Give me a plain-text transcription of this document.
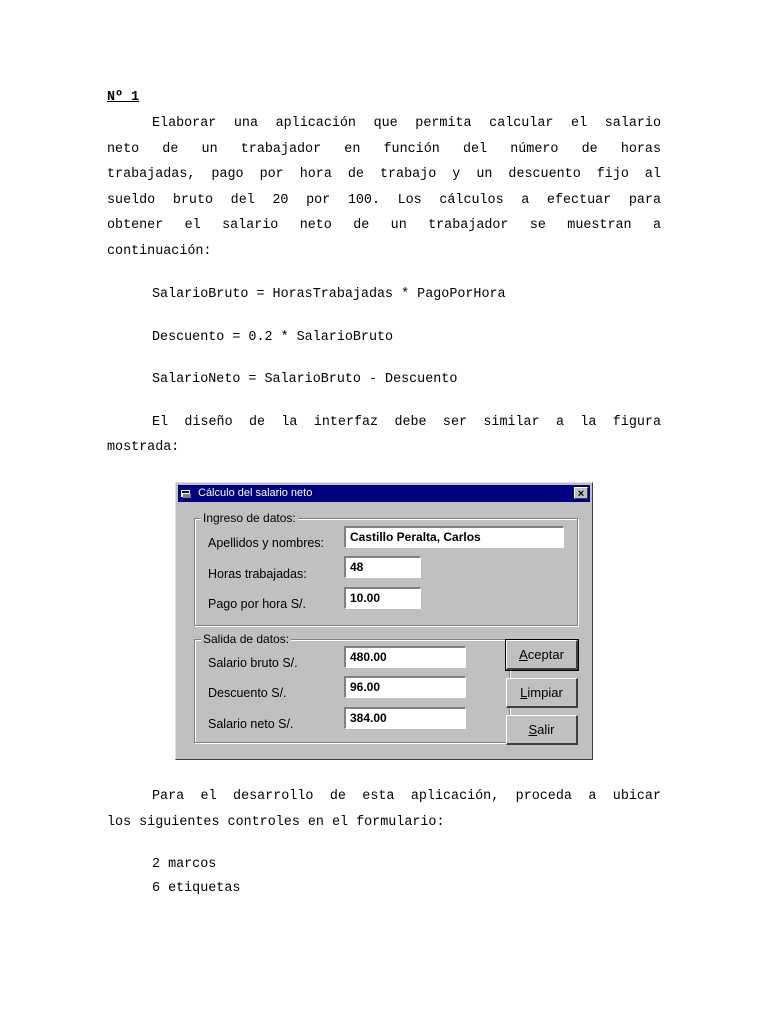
Nº 1
Elaborar una aplicación que permita calcular el salario
neto de un trabajador en función del número de horas
trabajadas, pago por hora de trabajo y un descuento fijo al
sueldo bruto del 20 por 100. Los cálculos a efectuar para
obtener el salario neto de un trabajador se muestran a
continuación:
SalarioBruto = HorasTrabajadas * PagoPorHora
Descuento = 0.2 * SalarioBruto
SalarioNeto = SalarioBruto - Descuento
El diseño de la interfaz debe ser similar a la figura
mostrada:
Cálculo del salario neto	×
Ingreso de datos:
Apellidos y nombres:	Castillo Peralta, Carlos
Horas trabajadas:	48
Pago por hora S/.	10.00
Salida de datos:
Salario bruto S/.	480.00
Descuento S/.	96.00
Salario neto S/.	384.00
Aceptar
Limpiar
Salir
Para el desarrollo de esta aplicación, proceda a ubicar
los siguientes controles en el formulario:
2 marcos
6 etiquetas
